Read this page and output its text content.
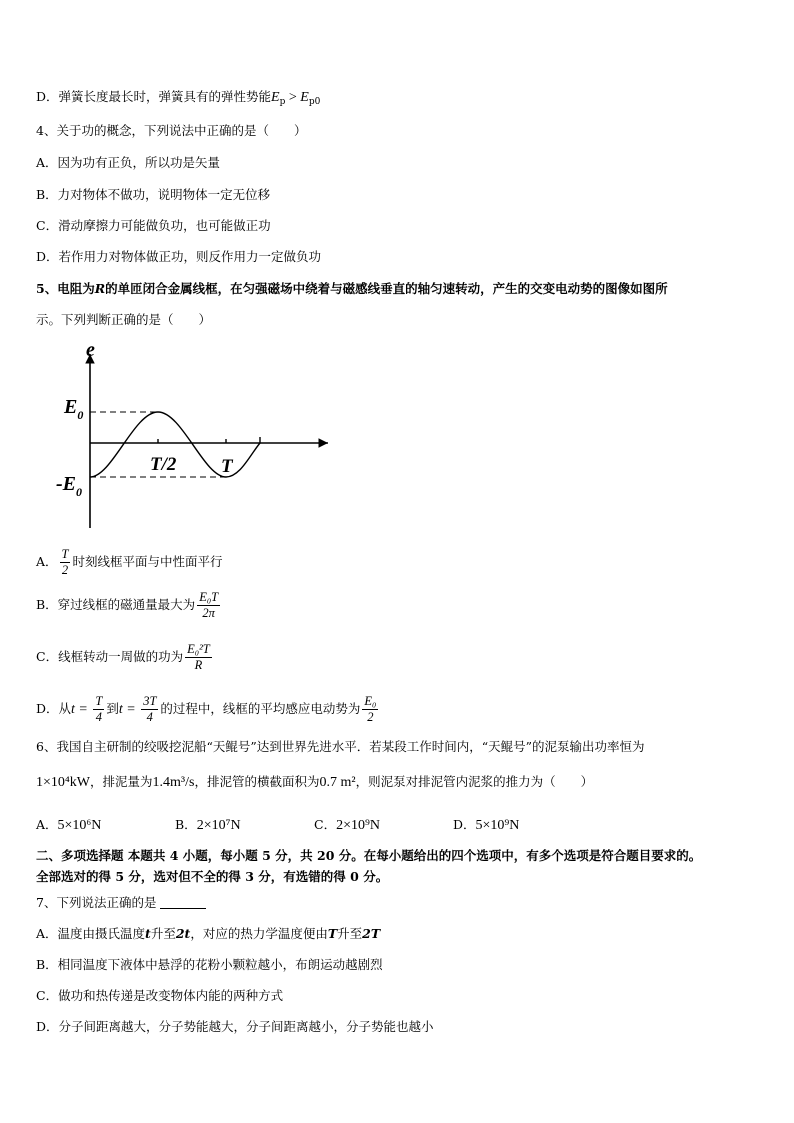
D．弹簧长度最长时，弹簧具有的弹性势能$E_p > E_{p0}$
4、关于功的概念，下列说法中正确的是（　　）
A．因为功有正负，所以功是矢量
B．力对物体不做功，说明物体一定无位移
C．滑动摩擦力可能做负功，也可能做正功
D．若作用力对物体做正功，则反作用力一定做负功
5、电阻为R的单匝闭合金属线框，在匀强磁场中绕着与磁感线垂直的轴匀速转动，产生的交变电动势的图像如图所
示。下列判断正确的是（　　）
e
$E_0$
$-E_0$
T/2 T
A． $\frac{T}{2}$ 时刻线框平面与中性面平行
B．穿过线框的磁通量最大为 $\frac{\text{E₀T}}{2\pi}$
C．线框转动一周做的功为 $\frac{\text{E₀²T}}{R}$
D．从$t = \frac{T}{4}$ 到$t = \frac{3T}{4}$ 的过程中，线框的平均感应电动势为 $\frac{\text{E₀}}{2}$
6、我国自主研制的绞吸挖泥船“天鲲号”达到世界先进水平．若某段工作时间内，“天鲲号”的泥泵输出功率恒为
1×10⁴kW，排泥量为1.4m³/s，排泥管的横截面积为0.7 m²，则泥泵对排泥管内泥浆的推力为（　　）
A．5×10⁶N	B．2×10⁷N	C．2×10⁹N	D．5×10⁹N
二、多项选择题 本题共 4 小题，每小题 5 分，共 20 分。在每小题给出的四个选项中，有多个选项是符合题目要求的。
全部选对的得 5 分，选对但不全的得 3 分，有选错的得 0 分。
7、下列说法正确的是
A．温度由摄氏温度t升至2t，对应的热力学温度便由T升至2T
B．相同温度下液体中悬浮的花粉小颗粒越小，布朗运动越剧烈
C．做功和热传递是改变物体内能的两种方式
D．分子间距离越大，分子势能越大，分子间距离越小，分子势能也越小
